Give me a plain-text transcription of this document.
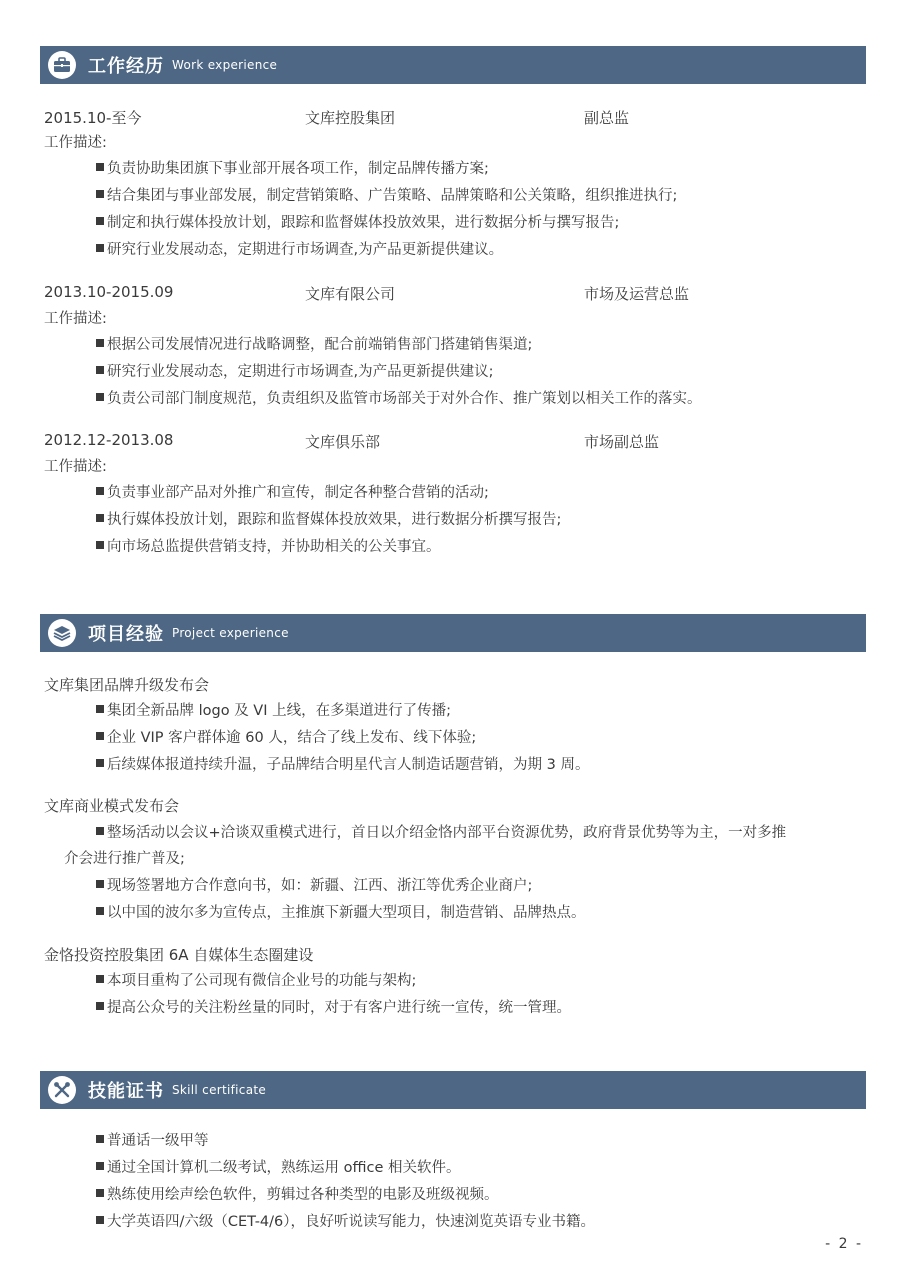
工作经历 Work experience
2015.10-至今	文库控股集团	副总监
工作描述:
负责协助集团旗下事业部开展各项工作，制定品牌传播方案;
结合集团与事业部发展，制定营销策略、广告策略、品牌策略和公关策略，组织推进执行;
制定和执行媒体投放计划，跟踪和监督媒体投放效果，进行数据分析与撰写报告;
研究行业发展动态，定期进行市场调查,为产品更新提供建议。
2013.10-2015.09	文库有限公司	市场及运营总监
工作描述:
根据公司发展情况进行战略调整，配合前端销售部门搭建销售渠道;
研究行业发展动态，定期进行市场调查,为产品更新提供建议;
负责公司部门制度规范，负责组织及监管市场部关于对外合作、推广策划以相关工作的落实。
2012.12-2013.08	文库俱乐部	市场副总监
工作描述:
负责事业部产品对外推广和宣传，制定各种整合营销的活动;
执行媒体投放计划，跟踪和监督媒体投放效果，进行数据分析撰写报告;
向市场总监提供营销支持，并协助相关的公关事宜。
项目经验 Project experience
文库集团品牌升级发布会
集团全新品牌 logo 及 VI 上线，在多渠道进行了传播;
企业 VIP 客户群体逾 60 人，结合了线上发布、线下体验;
后续媒体报道持续升温，子品牌结合明星代言人制造话题营销，为期 3 周。
文库商业模式发布会
整场活动以会议+洽谈双重模式进行，首日以介绍金恪内部平台资源优势，政府背景优势等为主，一对多推
介会进行推广普及;
现场签署地方合作意向书，如：新疆、江西、浙江等优秀企业商户;
以中国的波尔多为宣传点，主推旗下新疆大型项目，制造营销、品牌热点。
金恪投资控股集团 6A 自媒体生态圈建设
本项目重构了公司现有微信企业号的功能与架构;
提高公众号的关注粉丝量的同时，对于有客户进行统一宣传，统一管理。
技能证书 Skill certificate
普通话一级甲等
通过全国计算机二级考试，熟练运用 office 相关软件。
熟练使用绘声绘色软件，剪辑过各种类型的电影及班级视频。
大学英语四/六级（CET-4/6），良好听说读写能力，快速浏览英语专业书籍。
- 2 -
